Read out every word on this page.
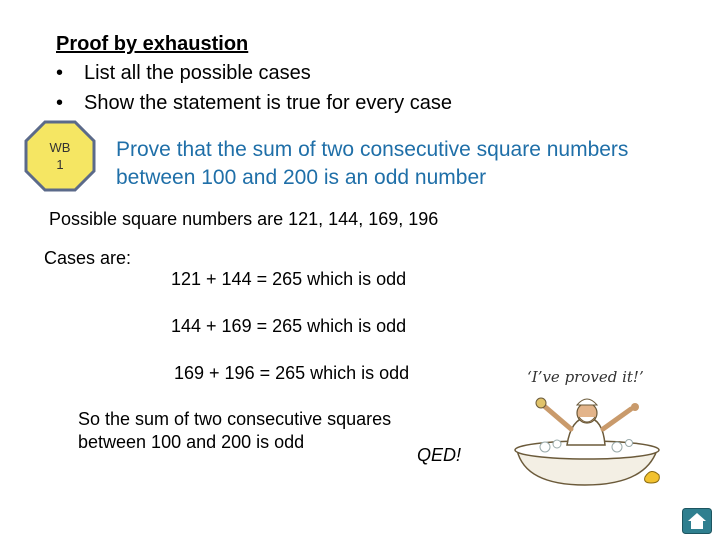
Proof by exhaustion
• List all the possible cases
• Show the statement is true for every case
WB
1
Prove that the sum of two consecutive square numbers
between 100 and 200 is an odd number
Possible square numbers are 121, 144, 169, 196
Cases are:
121 + 144 = 265 which is odd
144 + 169 = 265 which is odd
169 + 196 = 265 which is odd
So the sum of two consecutive squares
between 100 and 200 is odd
QED!
‘I’ve proved it!’
